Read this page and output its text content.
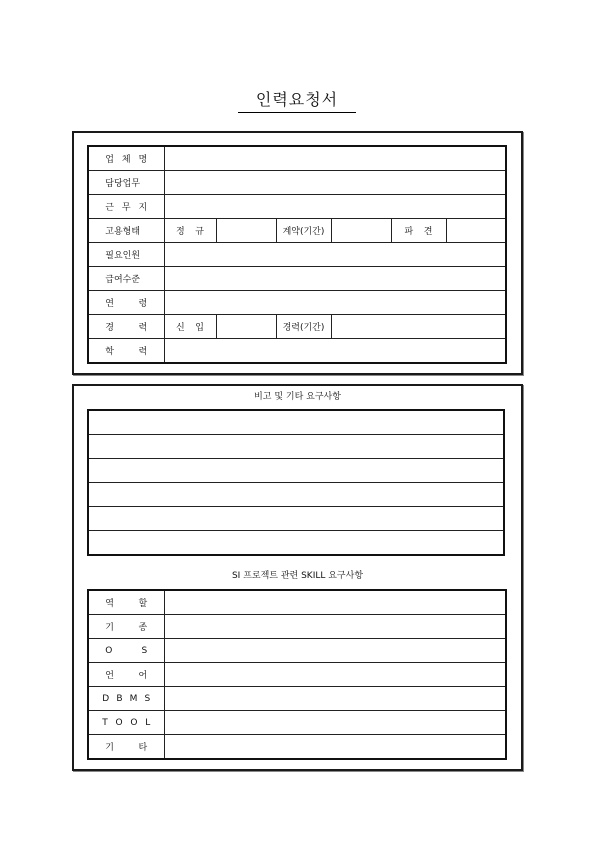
인력요청서
업 체 명						
담당업무						
근 무 지						
고용형태	정 규		계약(기간)		파 견	
필요인원						
급여수준						
연 령						
경 력	신 입		경력(기간)			
학 력						
비고 및 기타 요구사항

SI 프로젝트 관련 SKILL 요구사항
역 할	
기 종	
O S	
언 어	
D B M S	
T O O L	
기 타	
